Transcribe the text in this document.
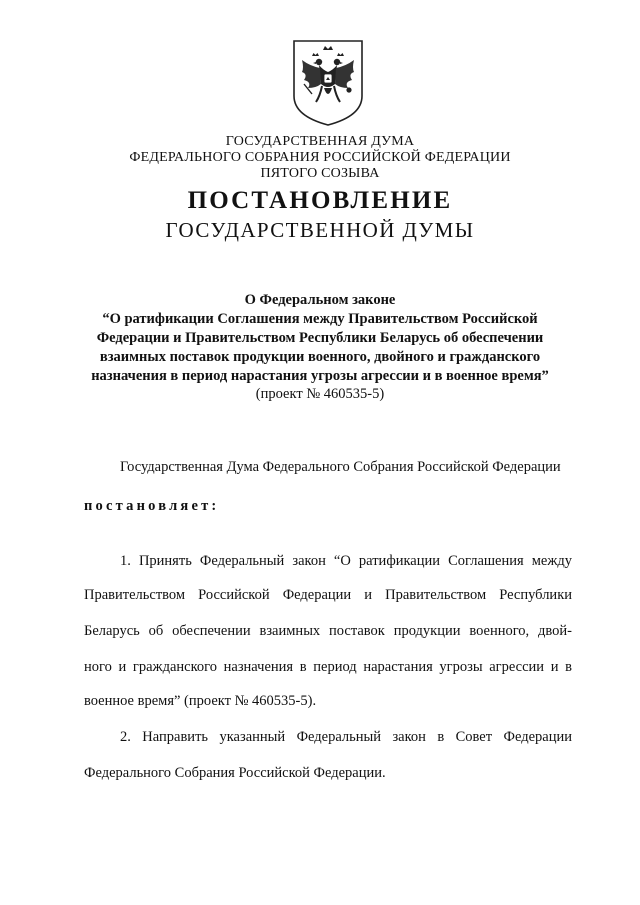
ГОСУДАРСТВЕННАЯ ДУМА
ФЕДЕРАЛЬНОГО СОБРАНИЯ РОССИЙСКОЙ ФЕДЕРАЦИИ
ПЯТОГО СОЗЫВА
ПОСТАНОВЛЕНИЕ
ГОСУДАРСТВЕННОЙ ДУМЫ
О Федеральном законе
“О ратификации Соглашения между Правительством Российской
Федерации и Правительством Республики Беларусь об обеспечении
взаимных поставок продукции военного, двойного и гражданского
назначения в период нарастания угрозы агрессии и в военное время”
(проект № 460535-5)
Государственная Дума Федерального Собрания Российской Федерации
постановляет:
1. Принять Федеральный закон “О ратификации Соглашения между
Правительством Российской Федерации и Правительством Республики
Беларусь об обеспечении взаимных поставок продукции военного, двой-
ного и гражданского назначения в период нарастания угрозы агрессии и в
военное время” (проект № 460535-5).
2. Направить указанный Федеральный закон в Совет Федерации
Федерального Собрания Российской Федерации.
